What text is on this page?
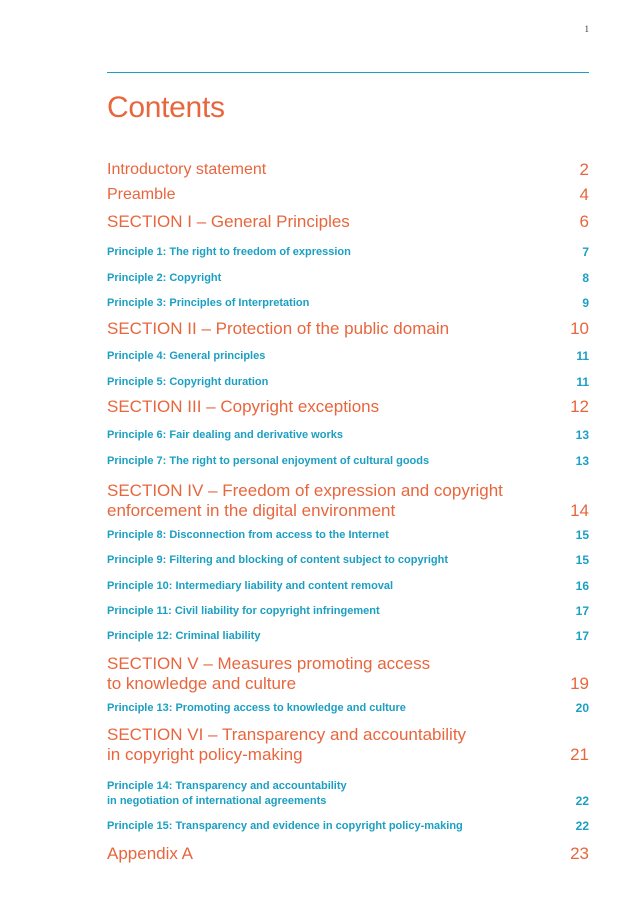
1
Contents
Introductory statement	2
Preamble	4
SECTION I – General Principles	6
Principle 1: The right to freedom of expression	7
Principle 2: Copyright	8
Principle 3: Principles of Interpretation	9
SECTION II – Protection of the public domain	10
Principle 4: General principles	11
Principle 5: Copyright duration	11
SECTION III – Copyright exceptions	12
Principle 6: Fair dealing and derivative works	13
Principle 7: The right to personal enjoyment of cultural goods	13
SECTION IV – Freedom of expression and copyright
enforcement in the digital environment	14
Principle 8: Disconnection from access to the Internet	15
Principle 9: Filtering and blocking of content subject to copyright	15
Principle 10: Intermediary liability and content removal	16
Principle 11: Civil liability for copyright infringement	17
Principle 12: Criminal liability	17
SECTION V – Measures promoting access
to knowledge and culture	19
Principle 13: Promoting access to knowledge and culture	20
SECTION VI – Transparency and accountability
in copyright policy-making	21
Principle 14: Transparency and accountability
in negotiation of international agreements	22
Principle 15: Transparency and evidence in copyright policy-making	22
Appendix A	23
